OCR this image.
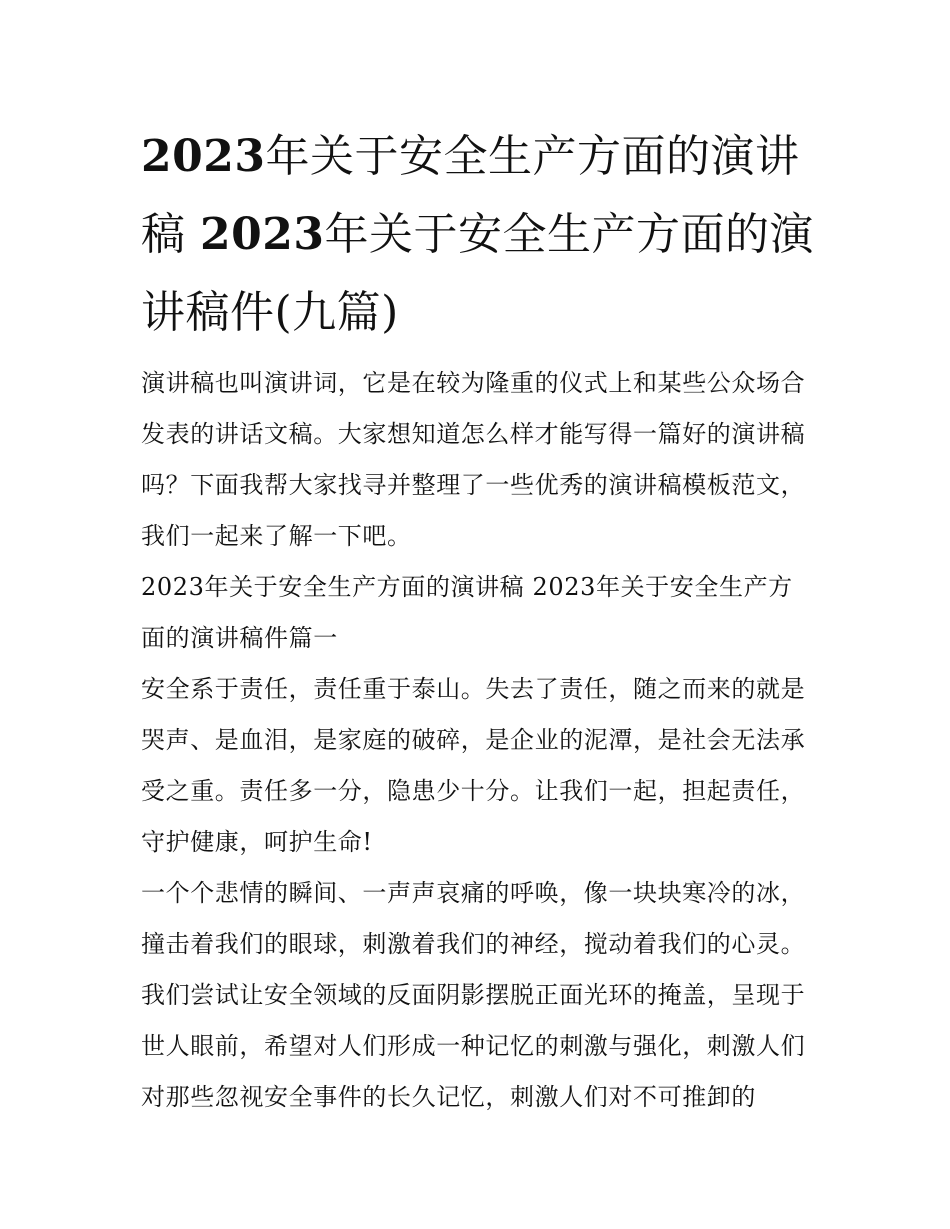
2023年关于安全生产方面的演讲稿 2023年关于安全生产方面的演讲稿件(九篇)

演讲稿也叫演讲词，它是在较为隆重的仪式上和某些公众场合发表的讲话文稿。大家想知道怎么样才能写得一篇好的演讲稿吗？下面我帮大家找寻并整理了一些优秀的演讲稿模板范文，我们一起来了解一下吧。

2023年关于安全生产方面的演讲稿 2023年关于安全生产方面的演讲稿件篇一

安全系于责任，责任重于泰山。失去了责任，随之而来的就是哭声、是血泪，是家庭的破碎，是企业的泥潭，是社会无法承受之重。责任多一分，隐患少十分。让我们一起，担起责任，守护健康，呵护生命!

一个个悲情的瞬间、一声声哀痛的呼唤，像一块块寒冷的冰，撞击着我们的眼球，刺激着我们的神经，搅动着我们的心灵。我们尝试让安全领域的反面阴影摆脱正面光环的掩盖，呈现于世人眼前，希望对人们形成一种记忆的刺激与强化，刺激人们对那些忽视安全事件的长久记忆，刺激人们对不可推卸的
